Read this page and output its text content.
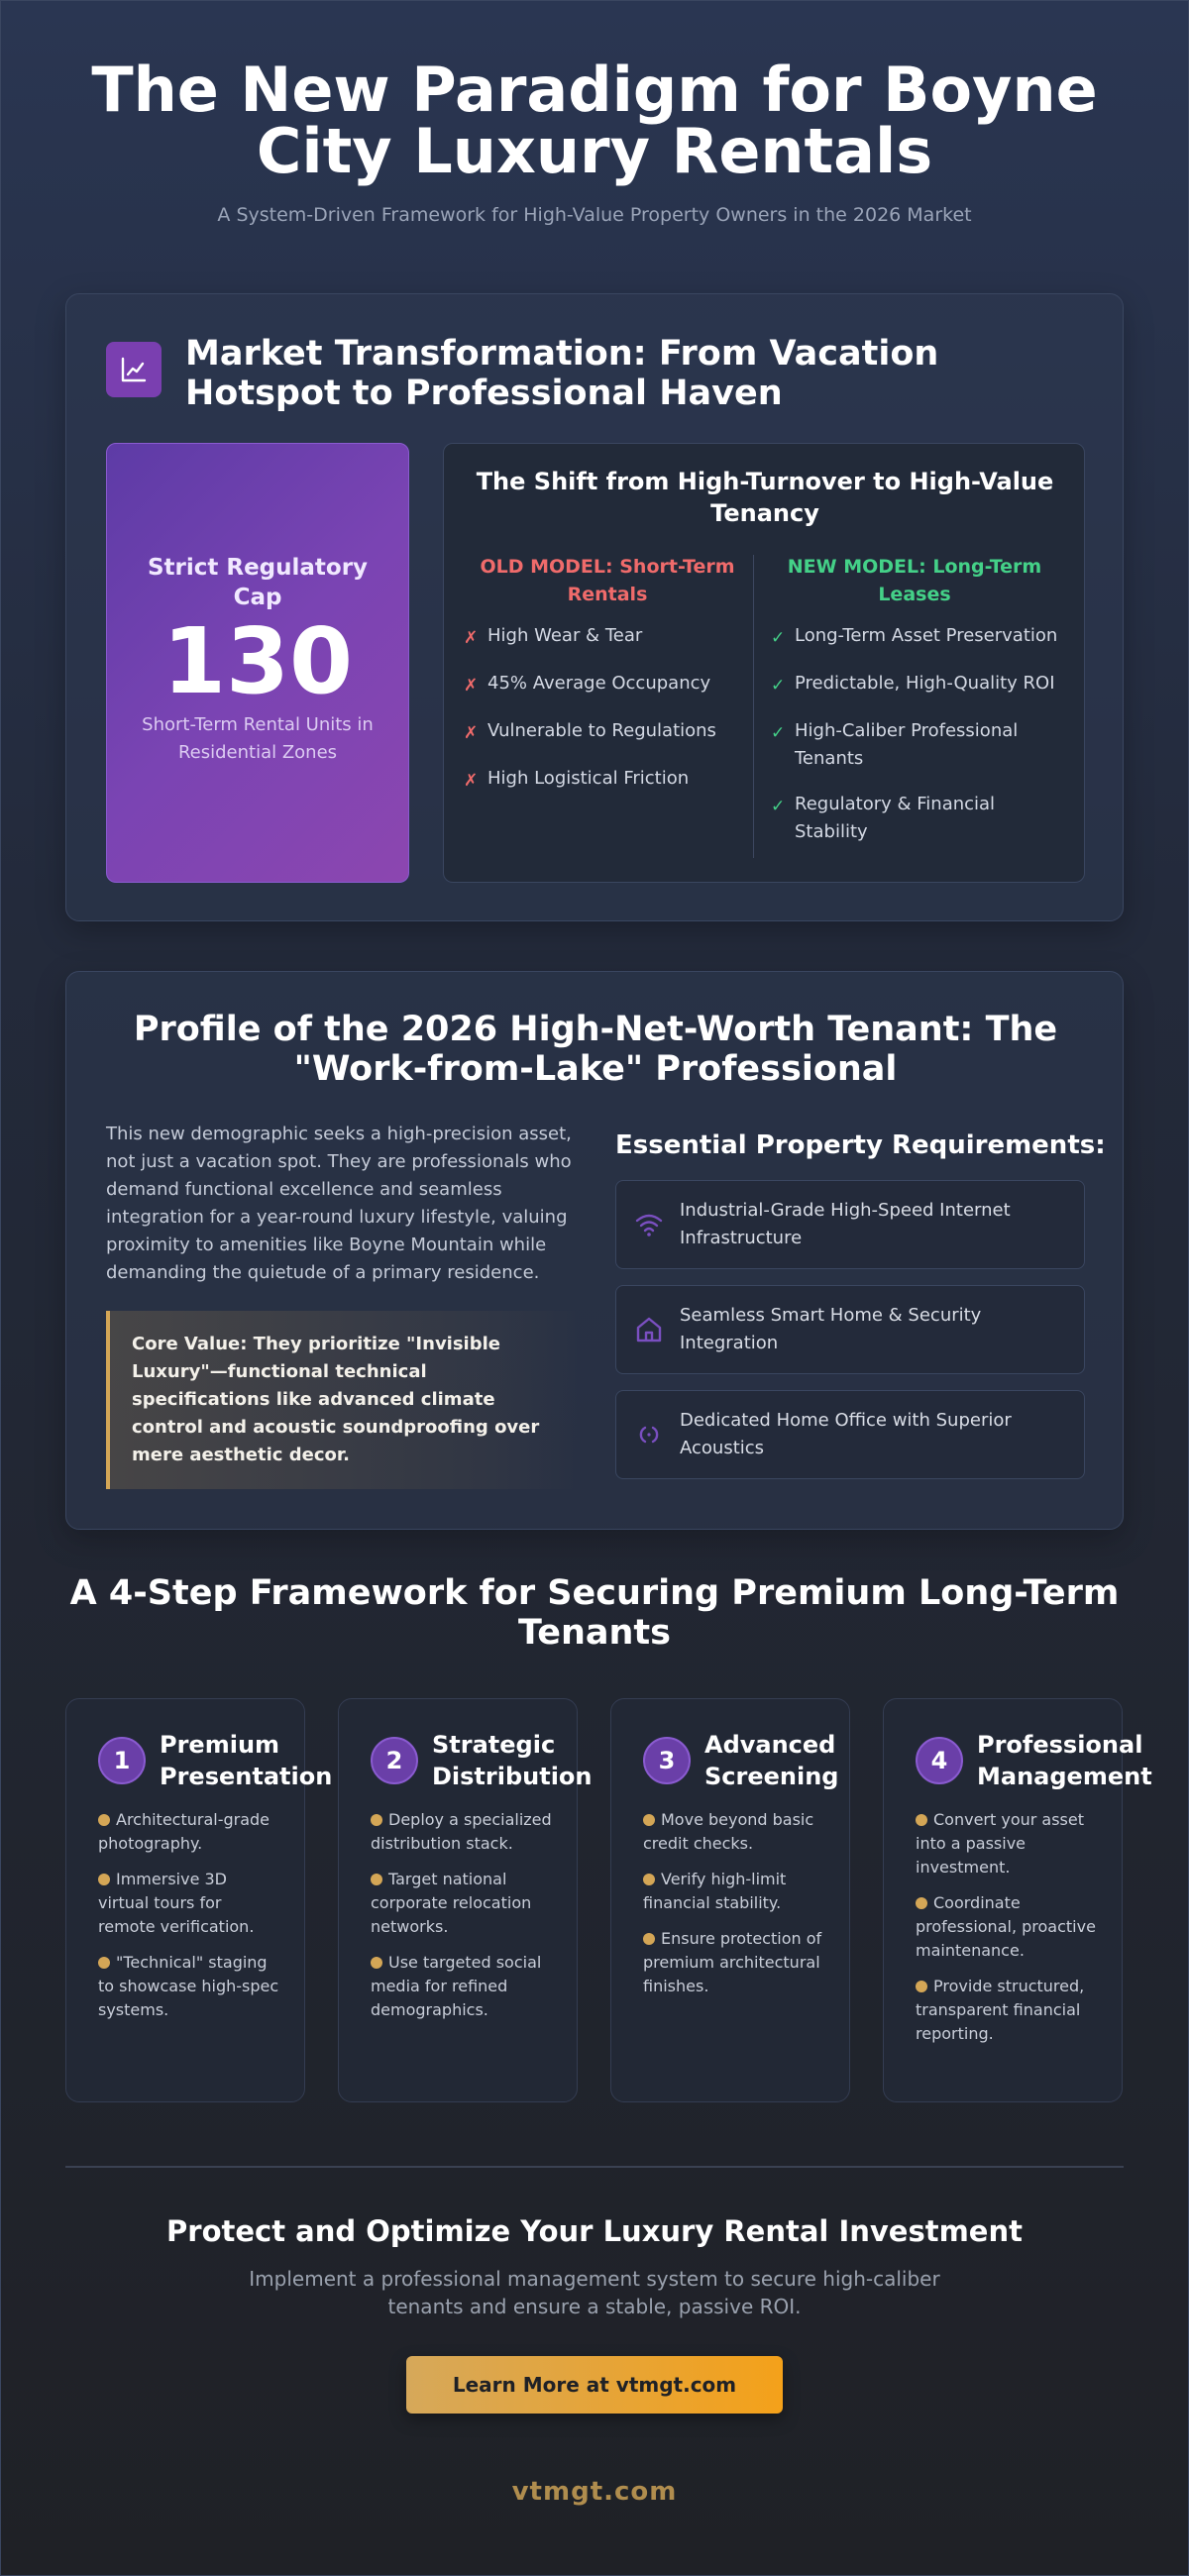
The New Paradigm for Boyne City Luxury Rentals
A System-Driven Framework for High-Value Property Owners in the 2026 Market
Market Transformation: From Vacation Hotspot to Professional Haven
Strict Regulatory Cap
130
Short-Term Rental Units in Residential Zones
The Shift from High-Turnover to High-Value Tenancy
OLD MODEL: Short-Term Rentals
✗ High Wear & Tear
✗ 45% Average Occupancy
✗ Vulnerable to Regulations
✗ High Logistical Friction
NEW MODEL: Long-Term Leases
✓ Long-Term Asset Preservation
✓ Predictable, High-Quality ROI
✓ High-Caliber Professional Tenants
✓ Regulatory & Financial Stability
Profile of the 2026 High-Net-Worth Tenant: The "Work-from-Lake" Professional
This new demographic seeks a high-precision asset, not just a vacation spot. They are professionals who demand functional excellence and seamless integration for a year-round luxury lifestyle, valuing proximity to amenities like Boyne Mountain while demanding the quietude of a primary residence.
Core Value: They prioritize "Invisible Luxury"—functional technical specifications like advanced climate control and acoustic soundproofing over mere aesthetic decor.
Essential Property Requirements:
Industrial-Grade High-Speed Internet Infrastructure
Seamless Smart Home & Security Integration
Dedicated Home Office with Superior Acoustics
A 4-Step Framework for Securing Premium Long-Term Tenants
1
Premium
Presentation
Architectural-grade photography.
Immersive 3D virtual tours for remote verification.
"Technical" staging to showcase high-spec systems.
2
Strategic
Distribution
Deploy a specialized distribution stack.
Target national corporate relocation networks.
Use targeted social media for refined demographics.
3
Advanced
Screening
Move beyond basic credit checks.
Verify high-limit financial stability.
Ensure protection of premium architectural finishes.
4
Professional
Management
Convert your asset into a passive investment.
Coordinate professional, proactive maintenance.
Provide structured, transparent financial reporting.
Protect and Optimize Your Luxury Rental Investment
Implement a professional management system to secure high-caliber tenants and ensure a stable, passive ROI.
Learn More at vtmgt.com
vtmgt.com
